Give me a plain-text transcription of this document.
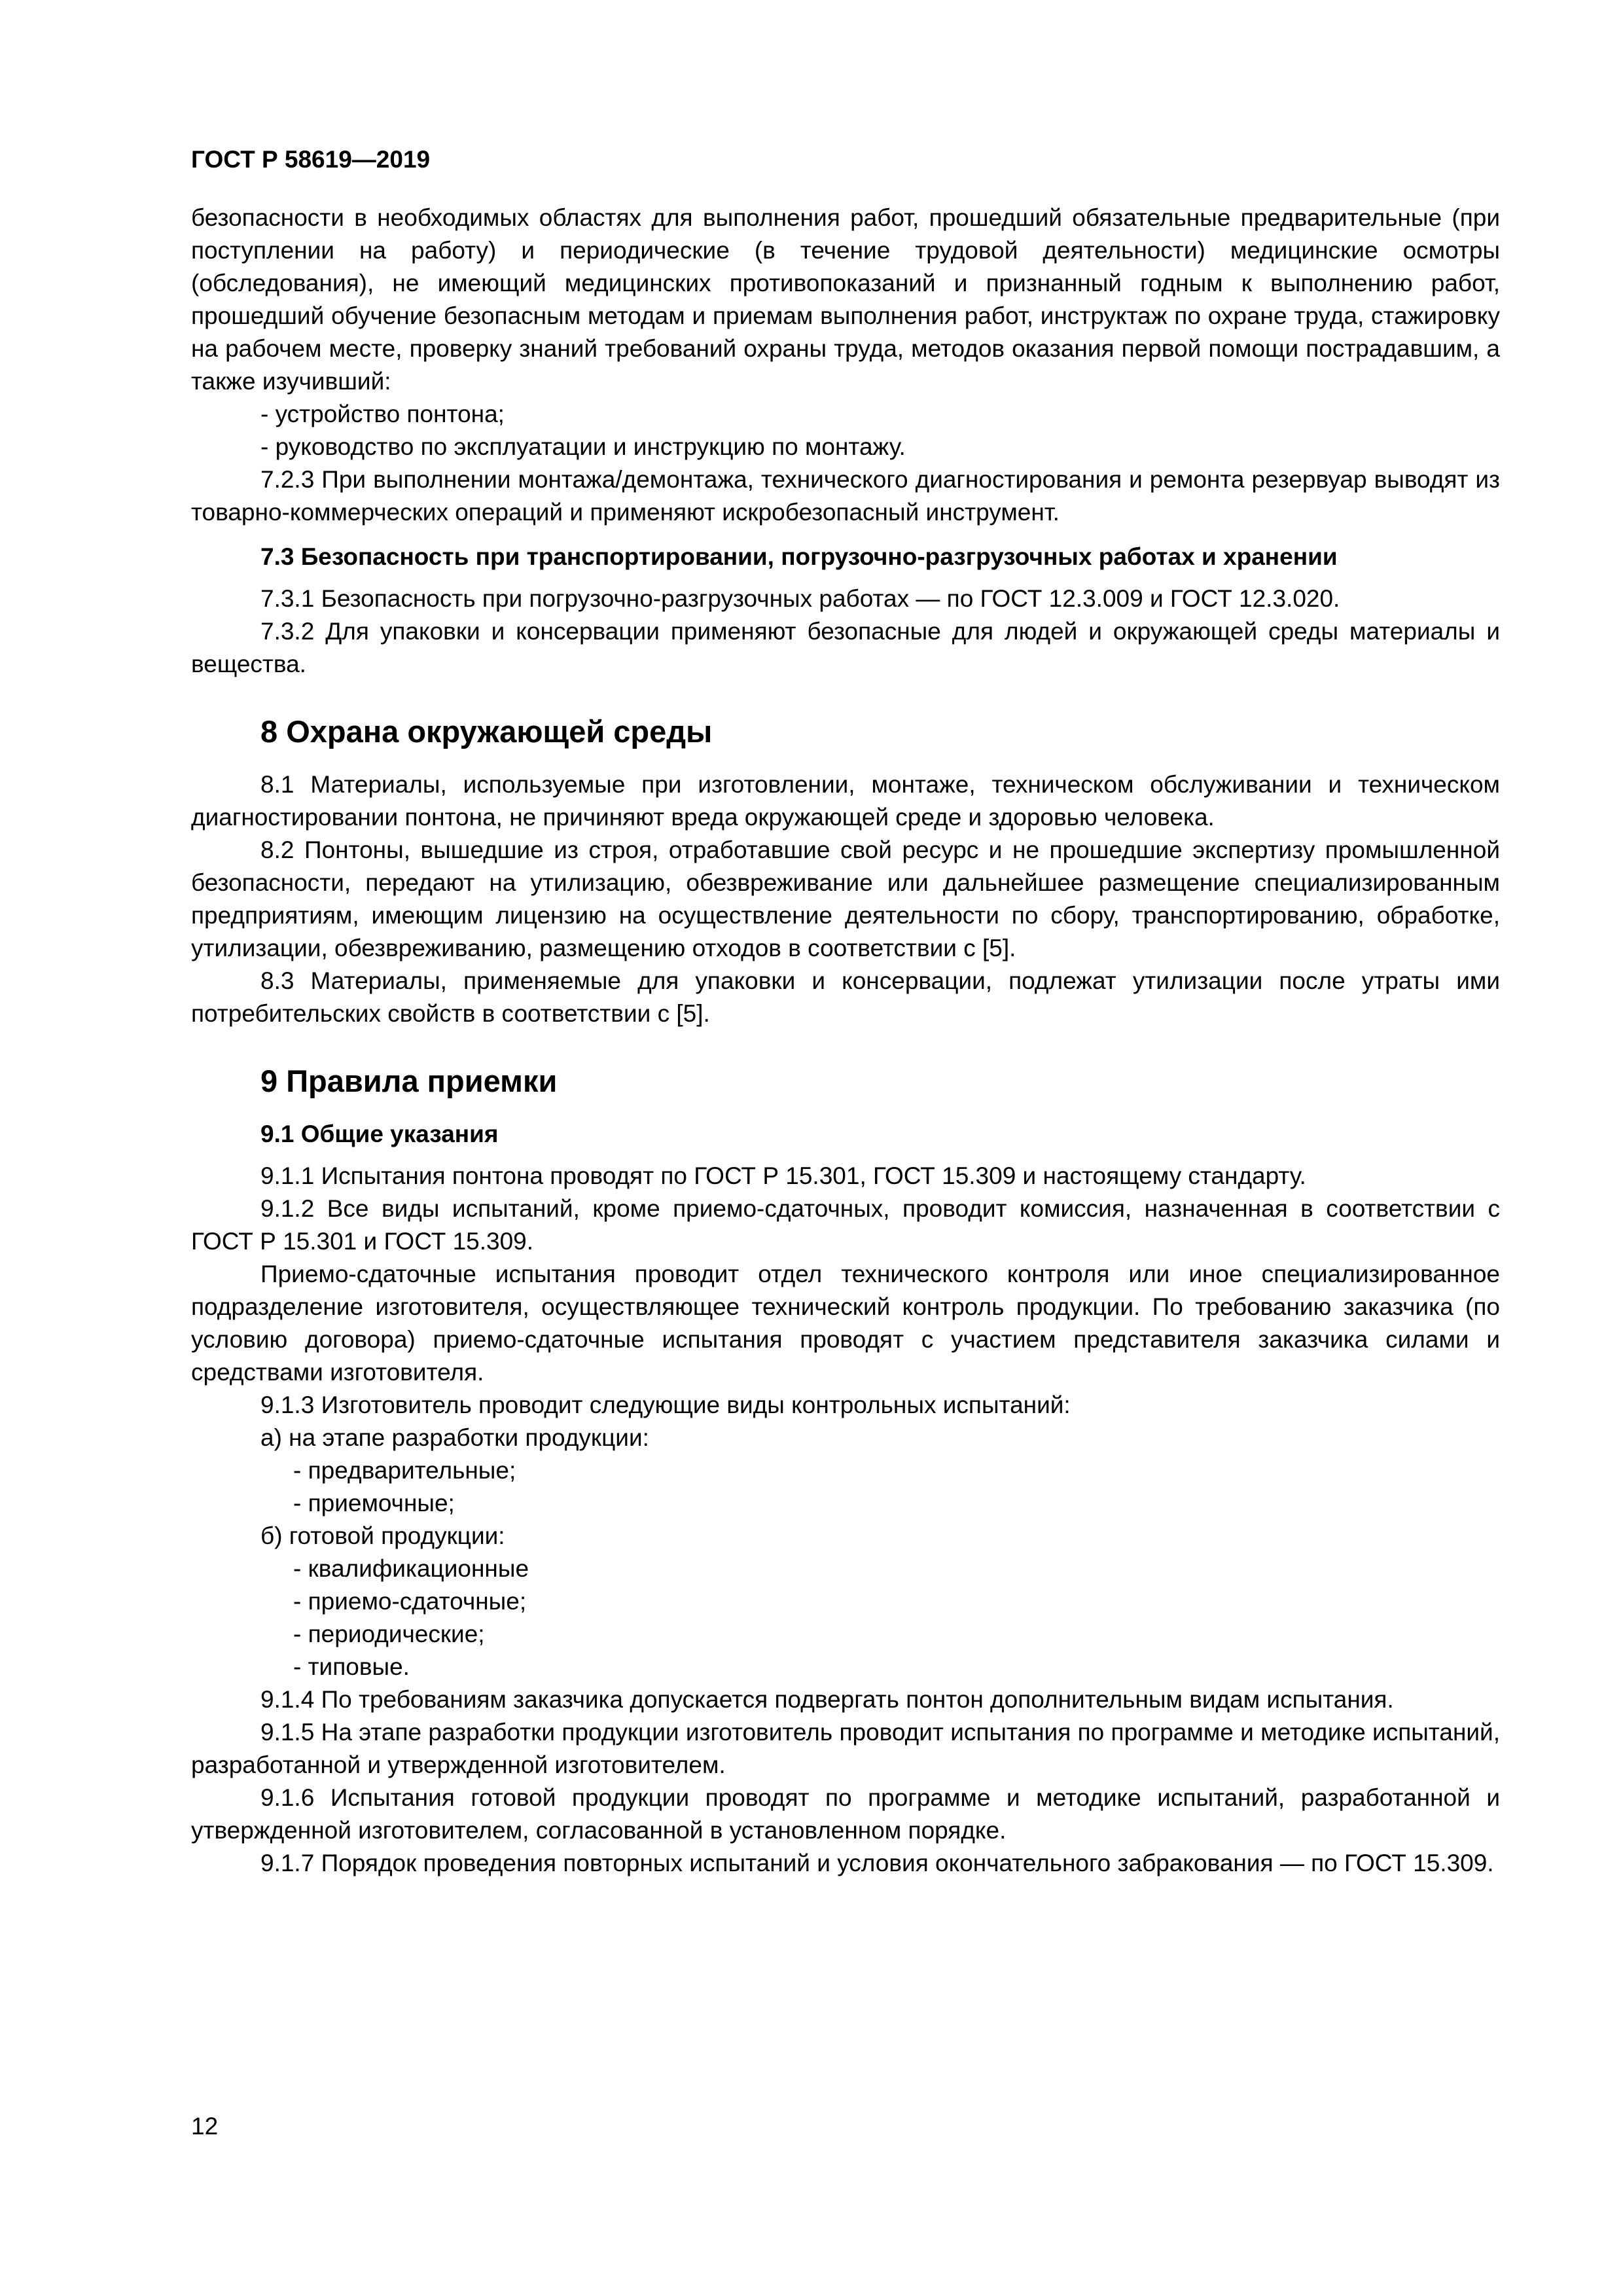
ГОСТ Р 58619—2019

безопасности в необходимых областях для выполнения работ, прошедший обязательные предварительные (при поступлении на работу) и периодические (в течение трудовой деятельности) медицинские осмотры (обследования), не имеющий медицинских противопоказаний и признанный годным к выполнению работ, прошедший обучение безопасным методам и приемам выполнения работ, инструктаж по охране труда, стажировку на рабочем месте, проверку знаний требований охраны труда, методов оказания первой помощи пострадавшим, а также изучивший:

- устройство понтона;

- руководство по эксплуатации и инструкцию по монтажу.

7.2.3 При выполнении монтажа/демонтажа, технического диагностирования и ремонта резервуар выводят из товарно-коммерческих операций и применяют искробезопасный инструмент.

7.3 Безопасность при транспортировании, погрузочно-разгрузочных работах и хранении

7.3.1 Безопасность при погрузочно-разгрузочных работах — по ГОСТ 12.3.009 и ГОСТ 12.3.020.

7.3.2 Для упаковки и консервации применяют безопасные для людей и окружающей среды материалы и вещества.

8 Охрана окружающей среды

8.1 Материалы, используемые при изготовлении, монтаже, техническом обслуживании и техническом диагностировании понтона, не причиняют вреда окружающей среде и здоровью человека.

8.2 Понтоны, вышедшие из строя, отработавшие свой ресурс и не прошедшие экспертизу промышленной безопасности, передают на утилизацию, обезвреживание или дальнейшее размещение специализированным предприятиям, имеющим лицензию на осуществление деятельности по сбору, транспортированию, обработке, утилизации, обезвреживанию, размещению отходов в соответствии с [5].

8.3 Материалы, применяемые для упаковки и консервации, подлежат утилизации после утраты ими потребительских свойств в соответствии с [5].

9 Правила приемки
9.1 Общие указания

9.1.1 Испытания понтона проводят по ГОСТ Р 15.301, ГОСТ 15.309 и настоящему стандарту.

9.1.2 Все виды испытаний, кроме приемо-сдаточных, проводит комиссия, назначенная в соответствии с ГОСТ Р 15.301 и ГОСТ 15.309.

Приемо-сдаточные испытания проводит отдел технического контроля или иное специализированное подразделение изготовителя, осуществляющее технический контроль продукции. По требованию заказчика (по условию договора) приемо-сдаточные испытания проводят с участием представителя заказчика силами и средствами изготовителя.

9.1.3 Изготовитель проводит следующие виды контрольных испытаний:

а) на этапе разработки продукции:

- предварительные;

- приемочные;

б) готовой продукции:

- квалификационные

- приемо-сдаточные;

- периодические;

- типовые.

9.1.4 По требованиям заказчика допускается подвергать понтон дополнительным видам испытания.

9.1.5 На этапе разработки продукции изготовитель проводит испытания по программе и методике испытаний, разработанной и утвержденной изготовителем.

9.1.6 Испытания готовой продукции проводят по программе и методике испытаний, разработанной и утвержденной изготовителем, согласованной в установленном порядке.

9.1.7 Порядок проведения повторных испытаний и условия окончательного забракования — по ГОСТ 15.309.

12
